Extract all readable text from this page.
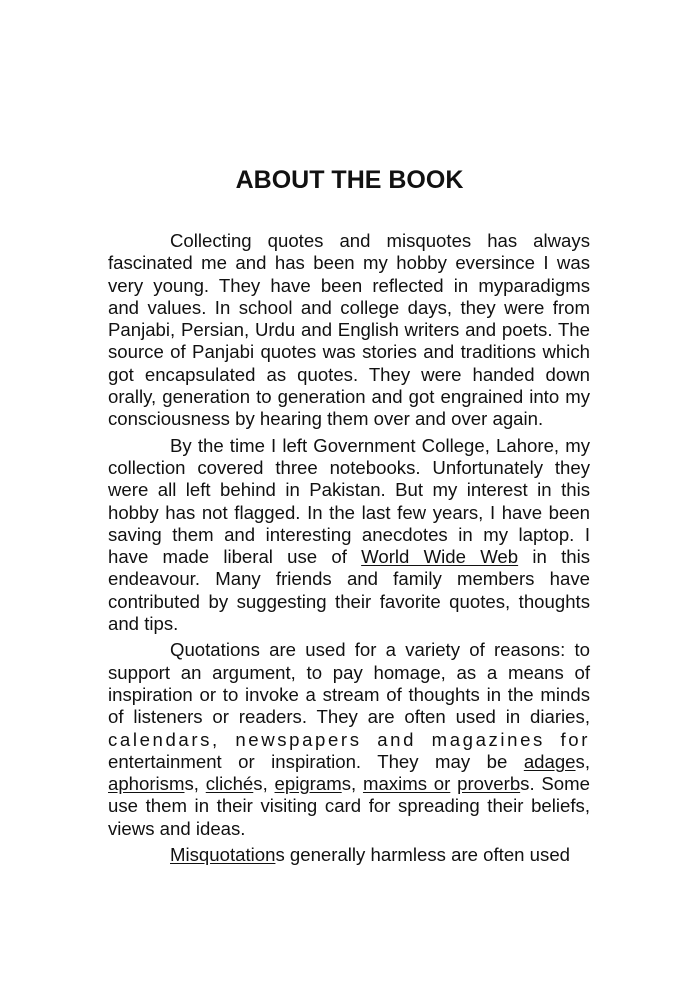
ABOUT THE BOOK

Collecting quotes and misquotes has always fascinated me and has been my hobby eversince I was very young. They have been reflected in myparadigms and values. In school and college days, they were from Panjabi, Persian, Urdu and English writers and poets. The source of Panjabi quotes was stories and traditions which got encapsulated as quotes. They were handed down orally, generation to generation and got engrained into my consciousness by hearing them over and over again.

By the time I left Government College, Lahore, my collection covered three notebooks. Unfortunately they were all left behind in Pakistan. But my interest in this hobby has not flagged. In the last few years, I have been saving them and interesting anecdotes in my laptop. I have made liberal use of World Wide Web in this endeavour. Many friends and family members have contributed by suggesting their favorite quotes, thoughts and tips.

Quotations are used for a variety of reasons: to support an argument, to pay homage, as a means of inspiration or to invoke a stream of thoughts in the minds of listeners or readers. They are often used in diaries, calendars, newspapers and magazines for entertainment or inspiration. They may be adages, aphorisms, clichés, epigrams, maxims or proverbs. Some use them in their visiting card for spreading their beliefs, views and ideas.

Misquotations generally harmless are often used
